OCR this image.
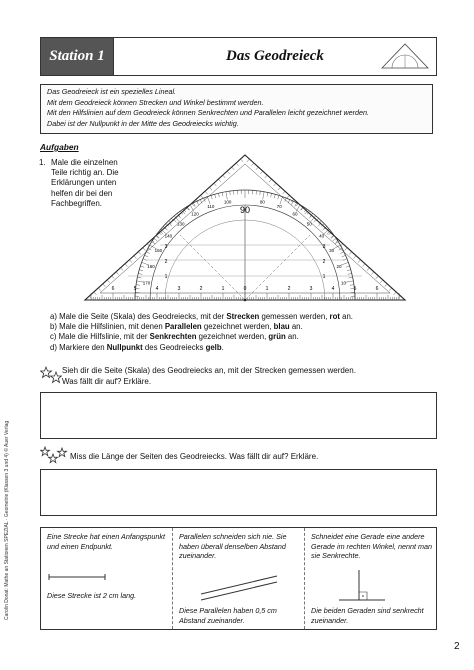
Station 1	Das Geodreieck
Das Geodreieck ist ein spezielles Lineal.
Mit dem Geodreieck können Strecken und Winkel bestimmt werden.
Mit den Hilfslinien auf dem Geodreieck können Senkrechten und Parallelen leicht gezeichnet werden.
Dabei ist der Nullpunkt in der Mitte des Geodreiecks wichtig.
Aufgaben
1. Male die einzelnen Teile richtig an. Die Erklärungen unten helfen dir bei den Fachbegriffen.	80
100
70
110
60
120
50
130
40
140
30
150
20
160
10
170
90
3
2
1
3
2
1
6	5	4	3	2	1	0	1	2	3	4	5	6
a) Male die Seite (Skala) des Geodreiecks, mit der Strecken gemessen werden, rot an.
b) Male die Hilfslinien, mit denen Parallelen gezeichnet werden, blau an.
c) Male die Hilfslinie, mit der Senkrechten gezeichnet werden, grün an.
d) Markiere den Nullpunkt des Geodreiecks gelb.
Sieh dir die Seite (Skala) des Geodreiecks an, mit der Strecken gemessen werden.
Was fällt dir auf? Erkläre.
Miss die Länge der Seiten des Geodreiecks. Was fällt dir auf? Erkläre.
Eine Strecke hat einen Anfangspunkt und einen Endpunkt.
Diese Strecke ist 2 cm lang.
Parallelen schneiden sich nie. Sie haben überall denselben Abstand zueinander.
Diese Parallelen haben 0,5 cm Abstand zueinander.
Schneidet eine Gerade eine andere Gerade im rechten Winkel, nennt man sie Senkrechte.
Die beiden Geraden sind senkrecht zueinander.
Carolin Donat: Mathe an Stationen SPEZIAL · Geometrie (Klassen 3 und 4) © Auer Verlag
2
